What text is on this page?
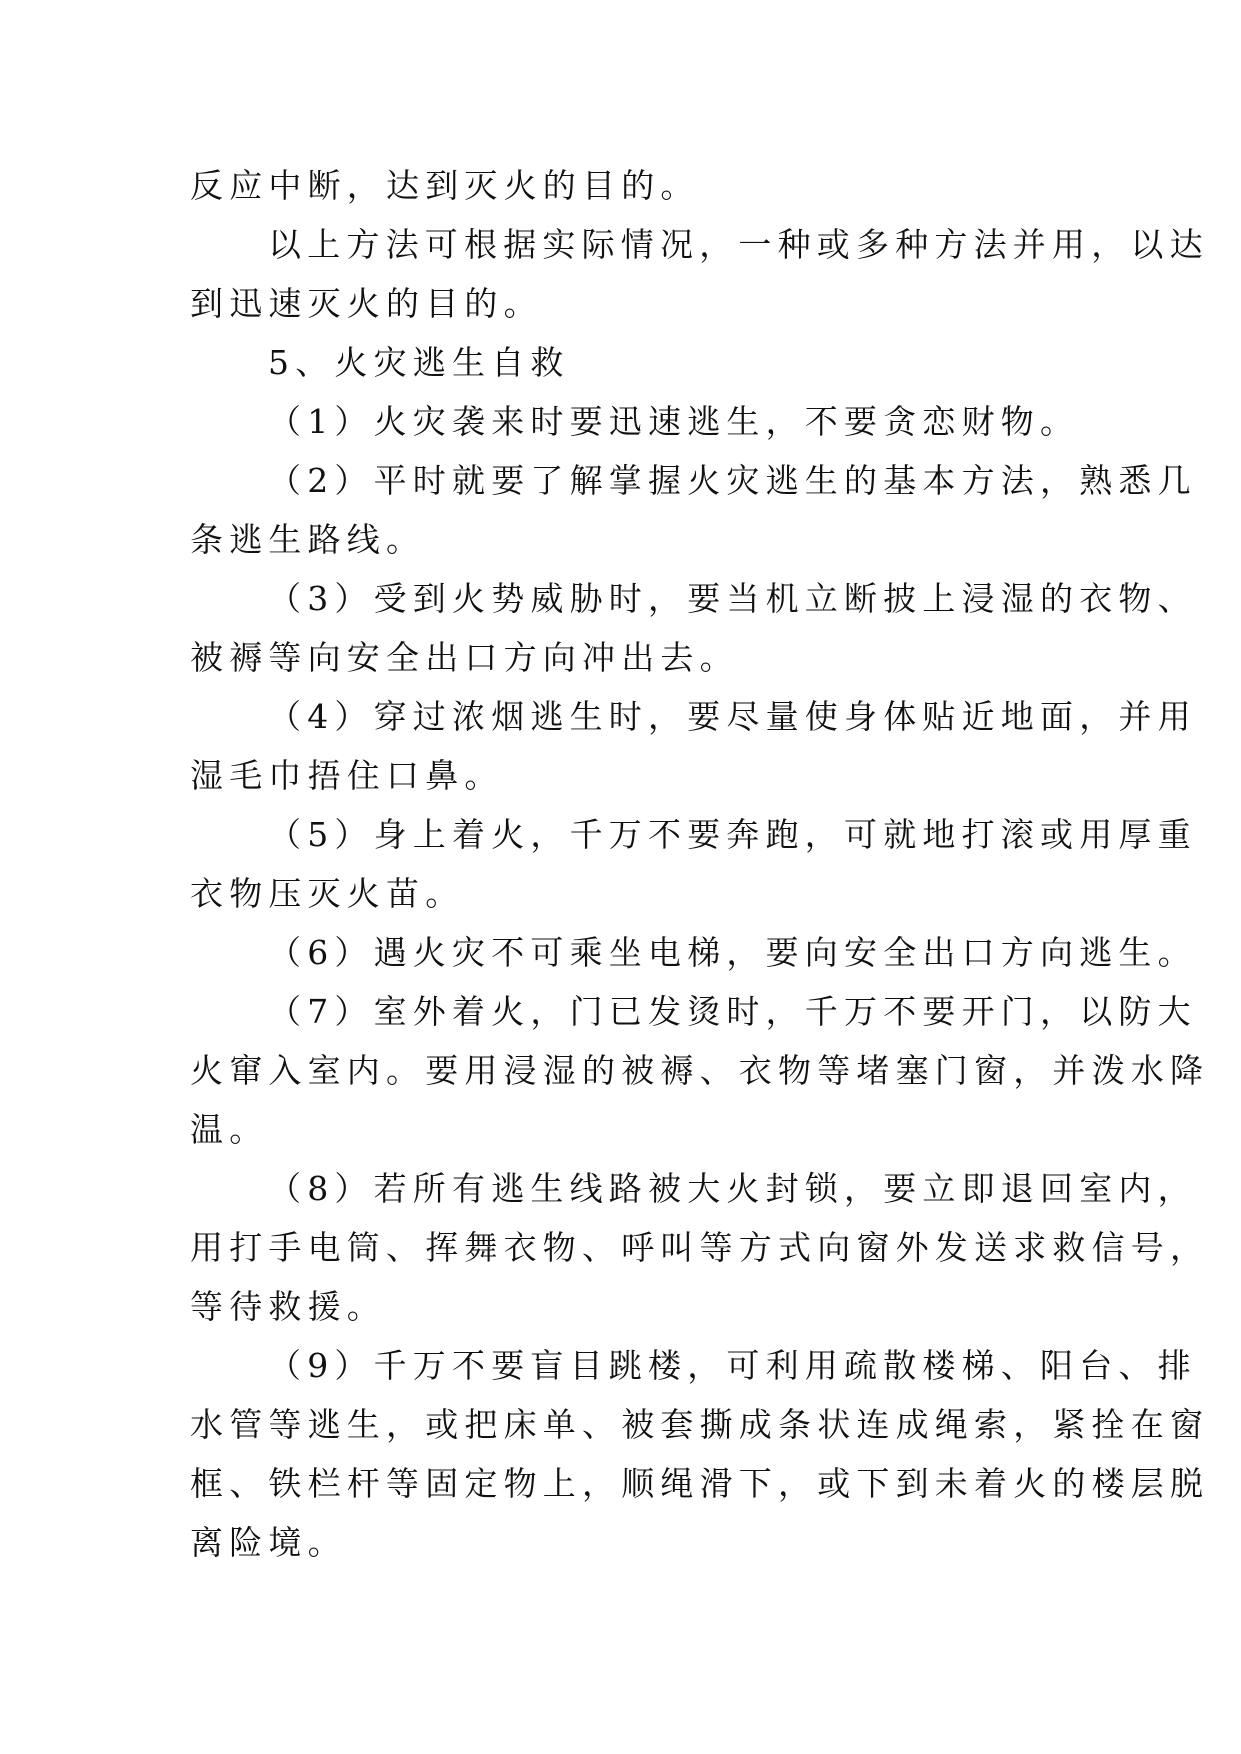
反应中断，达到灭火的目的。
以上方法可根据实际情况，一种或多种方法并用，以达
到迅速灭火的目的。
5、火灾逃生自救
（1）火灾袭来时要迅速逃生，不要贪恋财物。
（2）平时就要了解掌握火灾逃生的基本方法，熟悉几
条逃生路线。
（3）受到火势威胁时，要当机立断披上浸湿的衣物、
被褥等向安全出口方向冲出去。
（4）穿过浓烟逃生时，要尽量使身体贴近地面，并用
湿毛巾捂住口鼻。
（5）身上着火，千万不要奔跑，可就地打滚或用厚重
衣物压灭火苗。
（6）遇火灾不可乘坐电梯，要向安全出口方向逃生。
（7）室外着火，门已发烫时，千万不要开门，以防大
火窜入室内。要用浸湿的被褥、衣物等堵塞门窗，并泼水降
温。
（8）若所有逃生线路被大火封锁，要立即退回室内，
用打手电筒、挥舞衣物、呼叫等方式向窗外发送求救信号，
等待救援。
（9）千万不要盲目跳楼，可利用疏散楼梯、阳台、排
水管等逃生，或把床单、被套撕成条状连成绳索，紧拴在窗
框、铁栏杆等固定物上，顺绳滑下，或下到未着火的楼层脱
离险境。
